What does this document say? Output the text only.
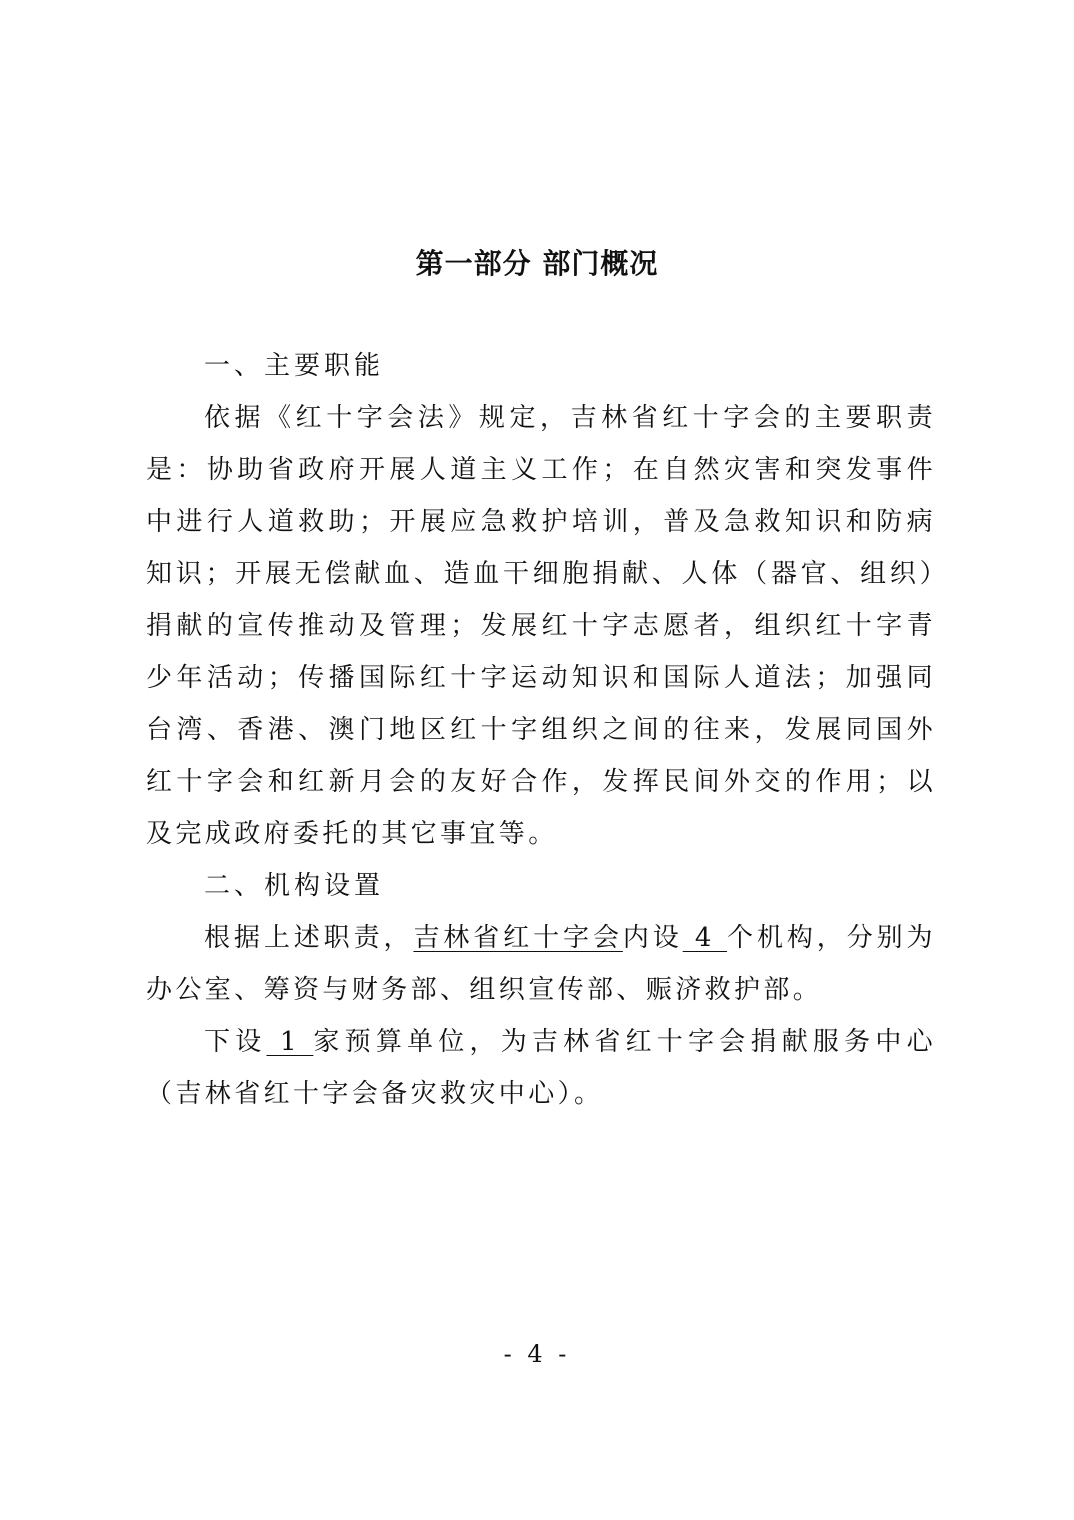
第一部分 部门概况

一、主要职能

依据《红十字会法》规定，吉林省红十字会的主要职责是：协助省政府开展人道主义工作；在自然灾害和突发事件中进行人道救助；开展应急救护培训，普及急救知识和防病知识；开展无偿献血、造血干细胞捐献、人体（器官、组织）捐献的宣传推动及管理；发展红十字志愿者，组织红十字青少年活动；传播国际红十字运动知识和国际人道法；加强同台湾、香港、澳门地区红十字组织之间的往来，发展同国外红十字会和红新月会的友好合作，发挥民间外交的作用；以及完成政府委托的其它事宜等。

二、机构设置

根据上述职责，吉林省红十字会内设 4 个机构，分别为办公室、筹资与财务部、组织宣传部、赈济救护部。

下设 1 家预算单位，为吉林省红十字会捐献服务中心（吉林省红十字会备灾救灾中心）。

- 4 -
